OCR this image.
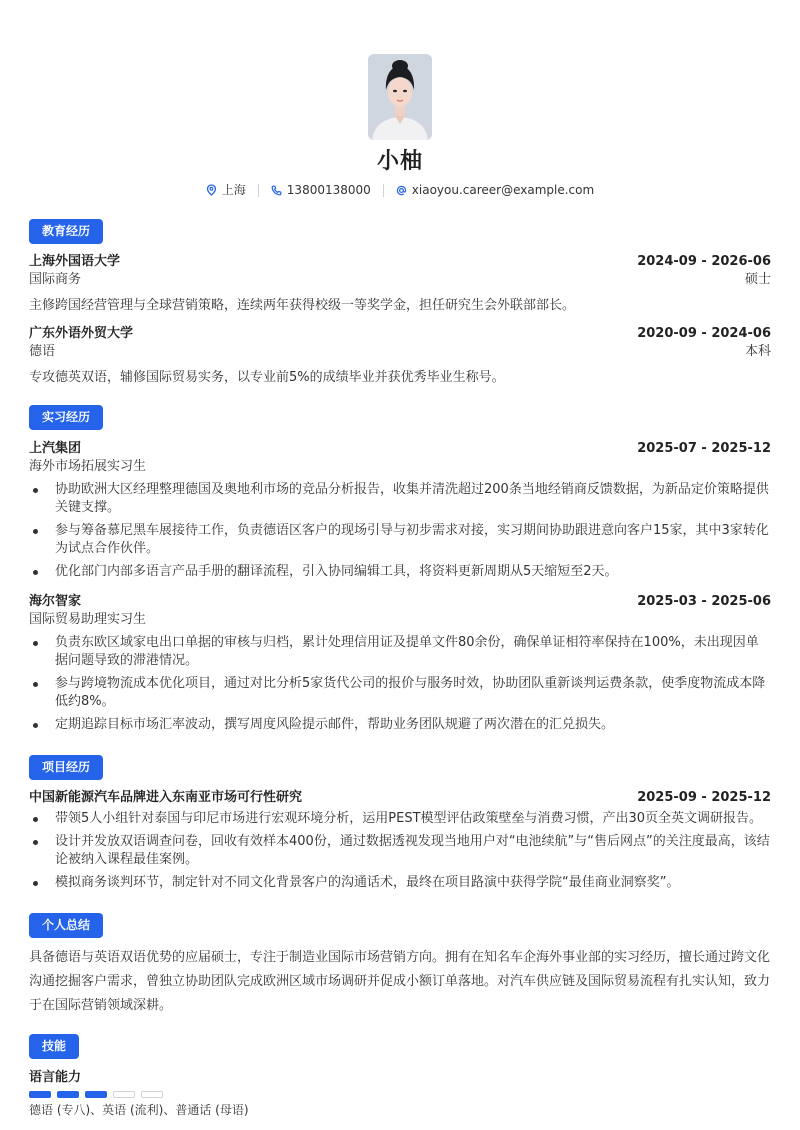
小柚
上海	13800138000	xiaoyou.career@example.com
教育经历
上海外国语大学	2024-09 - 2026-06
国际商务	硕士
主修跨国经营管理与全球营销策略，连续两年获得校级一等奖学金，担任研究生会外联部部长。
广东外语外贸大学	2020-09 - 2024-06
德语	本科
专攻德英双语，辅修国际贸易实务，以专业前5%的成绩毕业并获优秀毕业生称号。
实习经历
上汽集团	2025-07 - 2025-12
海外市场拓展实习生
协助欧洲大区经理整理德国及奥地利市场的竞品分析报告，收集并清洗超过200条当地经销商反馈数据，为新品定价策略提供关键支撑。
参与筹备慕尼黑车展接待工作，负责德语区客户的现场引导与初步需求对接，实习期间协助跟进意向客户15家，其中3家转化为试点合作伙伴。
优化部门内部多语言产品手册的翻译流程，引入协同编辑工具，将资料更新周期从5天缩短至2天。
海尔智家	2025-03 - 2025-06
国际贸易助理实习生
负责东欧区域家电出口单据的审核与归档，累计处理信用证及提单文件80余份，确保单证相符率保持在100%，未出现因单据问题导致的滞港情况。
参与跨境物流成本优化项目，通过对比分析5家货代公司的报价与服务时效，协助团队重新谈判运费条款，使季度物流成本降低约8%。
定期追踪目标市场汇率波动，撰写周度风险提示邮件，帮助业务团队规避了两次潜在的汇兑损失。
项目经历
中国新能源汽车品牌进入东南亚市场可行性研究	2025-09 - 2025-12
带领5人小组针对泰国与印尼市场进行宏观环境分析，运用PEST模型评估政策壁垒与消费习惯，产出30页全英文调研报告。
设计并发放双语调查问卷，回收有效样本400份，通过数据透视发现当地用户对“电池续航”与“售后网点”的关注度最高，该结论被纳入课程最佳案例。
模拟商务谈判环节，制定针对不同文化背景客户的沟通话术，最终在项目路演中获得学院“最佳商业洞察奖”。
个人总结
具备德语与英语双语优势的应届硕士，专注于制造业国际市场营销方向。拥有在知名车企海外事业部的实习经历，擅长通过跨文化沟通挖掘客户需求，曾独立协助团队完成欧洲区域市场调研并促成小额订单落地。对汽车供应链及国际贸易流程有扎实认知，致力于在国际营销领域深耕。
技能
语言能力
德语 (专八)、英语 (流利)、普通话 (母语)
